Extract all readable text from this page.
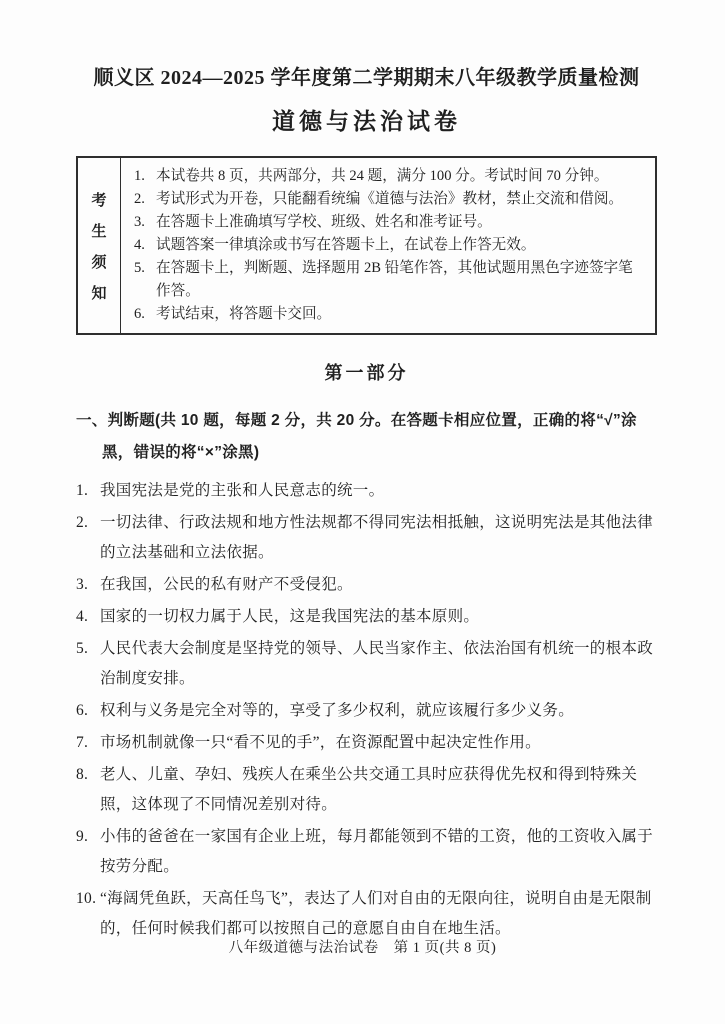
顺义区 2024—2025 学年度第二学期期末八年级教学质量检测
道德与法治试卷
考
生
须
知
1. 本试卷共 8 页，共两部分，共 24 题，满分 100 分。考试时间 70 分钟。
2. 考试形式为开卷，只能翻看统编《道德与法治》教材，禁止交流和借阅。
3. 在答题卡上准确填写学校、班级、姓名和准考证号。
4. 试题答案一律填涂或书写在答题卡上，在试卷上作答无效。
5. 在答题卡上，判断题、选择题用 2B 铅笔作答，其他试题用黑色字迹签字笔作答。
6. 考试结束，将答题卡交回。
第一部分
一、判断题(共 10 题，每题 2 分，共 20 分。在答题卡相应位置，正确的将“√”涂黑，错误的将“×”涂黑)
1. 我国宪法是党的主张和人民意志的统一。
2. 一切法律、行政法规和地方性法规都不得同宪法相抵触，这说明宪法是其他法律的立法基础和立法依据。
3. 在我国，公民的私有财产不受侵犯。
4. 国家的一切权力属于人民，这是我国宪法的基本原则。
5. 人民代表大会制度是坚持党的领导、人民当家作主、依法治国有机统一的根本政治制度安排。
6. 权利与义务是完全对等的，享受了多少权利，就应该履行多少义务。
7. 市场机制就像一只“看不见的手”，在资源配置中起决定性作用。
8. 老人、儿童、孕妇、残疾人在乘坐公共交通工具时应获得优先权和得到特殊关照，这体现了不同情况差别对待。
9. 小伟的爸爸在一家国有企业上班，每月都能领到不错的工资，他的工资收入属于按劳分配。
10. “海阔凭鱼跃，天高任鸟飞”，表达了人们对自由的无限向往，说明自由是无限制的，任何时候我们都可以按照自己的意愿自由自在地生活。
八年级道德与法治试卷　第 1 页(共 8 页)
